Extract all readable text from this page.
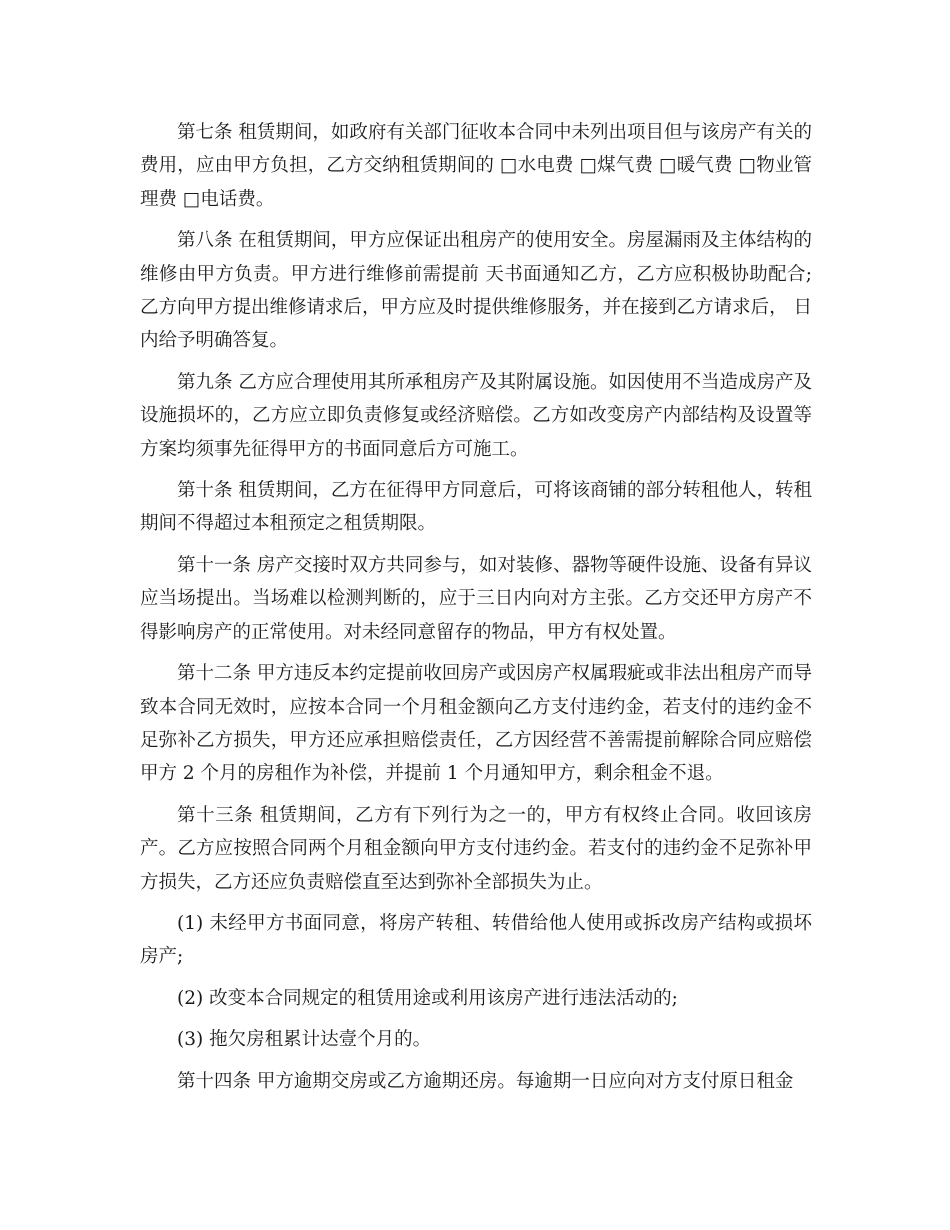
第七条 租赁期间，如政府有关部门征收本合同中未列出项目但与该房产有关的费用，应由甲方负担，乙方交纳租赁期间的 □水电费 □煤气费 □暖气费 □物业管理费 □电话费。

第八条 在租赁期间，甲方应保证出租房产的使用安全。房屋漏雨及主体结构的维修由甲方负责。甲方进行维修前需提前 天书面通知乙方，乙方应积极协助配合;乙方向甲方提出维修请求后，甲方应及时提供维修服务，并在接到乙方请求后， 日内给予明确答复。

第九条 乙方应合理使用其所承租房产及其附属设施。如因使用不当造成房产及设施损坏的，乙方应立即负责修复或经济赔偿。乙方如改变房产内部结构及设置等方案均须事先征得甲方的书面同意后方可施工。

第十条 租赁期间，乙方在征得甲方同意后，可将该商铺的部分转租他人，转租期间不得超过本租预定之租赁期限。

第十一条 房产交接时双方共同参与，如对装修、器物等硬件设施、设备有异议应当场提出。当场难以检测判断的，应于三日内向对方主张。乙方交还甲方房产不得影响房产的正常使用。对未经同意留存的物品，甲方有权处置。

第十二条 甲方违反本约定提前收回房产或因房产权属瑕疵或非法出租房产而导致本合同无效时，应按本合同一个月租金额向乙方支付违约金，若支付的违约金不足弥补乙方损失，甲方还应承担赔偿责任，乙方因经营不善需提前解除合同应赔偿甲方 2 个月的房租作为补偿，并提前 1 个月通知甲方，剩余租金不退。

第十三条 租赁期间，乙方有下列行为之一的，甲方有权终止合同。收回该房产。乙方应按照合同两个月租金额向甲方支付违约金。若支付的违约金不足弥补甲方损失，乙方还应负责赔偿直至达到弥补全部损失为止。

(1) 未经甲方书面同意，将房产转租、转借给他人使用或拆改房产结构或损坏房产;

(2) 改变本合同规定的租赁用途或利用该房产进行违法活动的;

(3) 拖欠房租累计达壹个月的。

第十四条 甲方逾期交房或乙方逾期还房。每逾期一日应向对方支付原日租金
